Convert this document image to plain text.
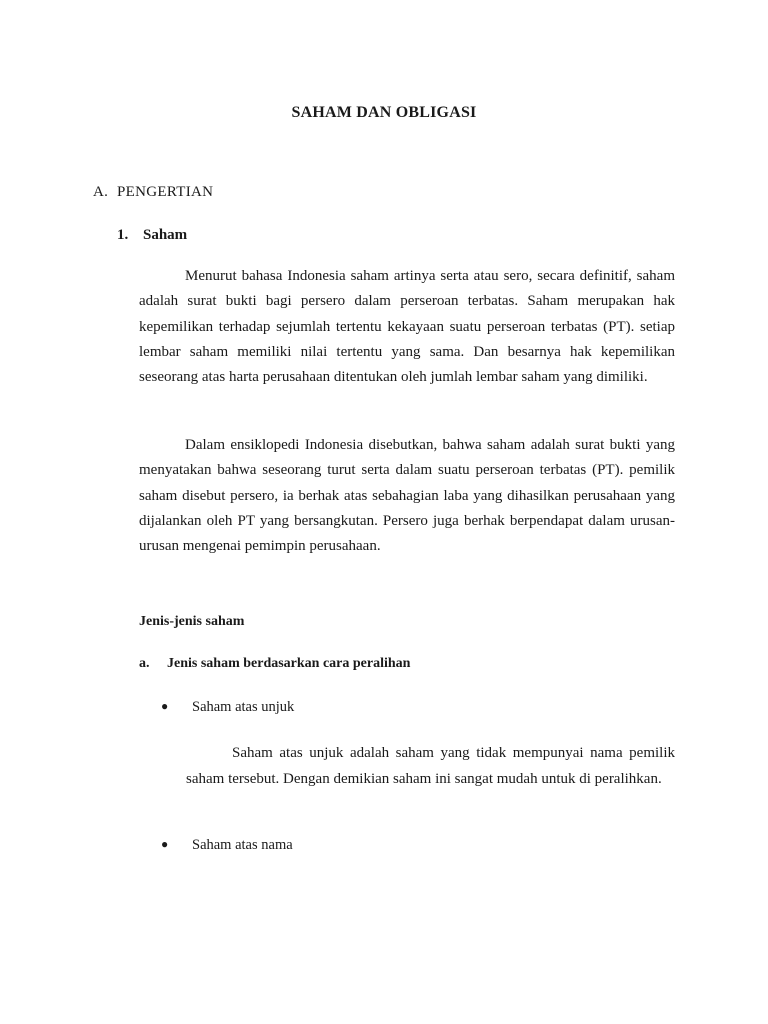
SAHAM DAN OBLIGASI
A. PENGERTIAN
1. Saham

Menurut bahasa Indonesia saham artinya serta atau sero, secara definitif, saham adalah surat bukti bagi persero dalam perseroan terbatas. Saham merupakan hak kepemilikan terhadap sejumlah tertentu kekayaan suatu perseroan terbatas (PT). setiap lembar saham memiliki nilai tertentu yang sama. Dan besarnya hak kepemilikan seseorang atas harta perusahaan ditentukan oleh jumlah lembar saham yang dimiliki.

Dalam ensiklopedi Indonesia disebutkan, bahwa saham adalah surat bukti yang menyatakan bahwa seseorang turut serta dalam suatu perseroan terbatas (PT). pemilik saham disebut persero, ia berhak atas sebahagian laba yang dihasilkan perusahaan yang dijalankan oleh PT yang bersangkutan. Persero juga berhak berpendapat dalam urusan-urusan mengenai pemimpin perusahaan.

Jenis-jenis saham
a. Jenis saham berdasarkan cara peralihan
● Saham atas unjuk

Saham atas unjuk adalah saham yang tidak mempunyai nama pemilik saham tersebut. Dengan demikian saham ini sangat mudah untuk di peralihkan.

● Saham atas nama
